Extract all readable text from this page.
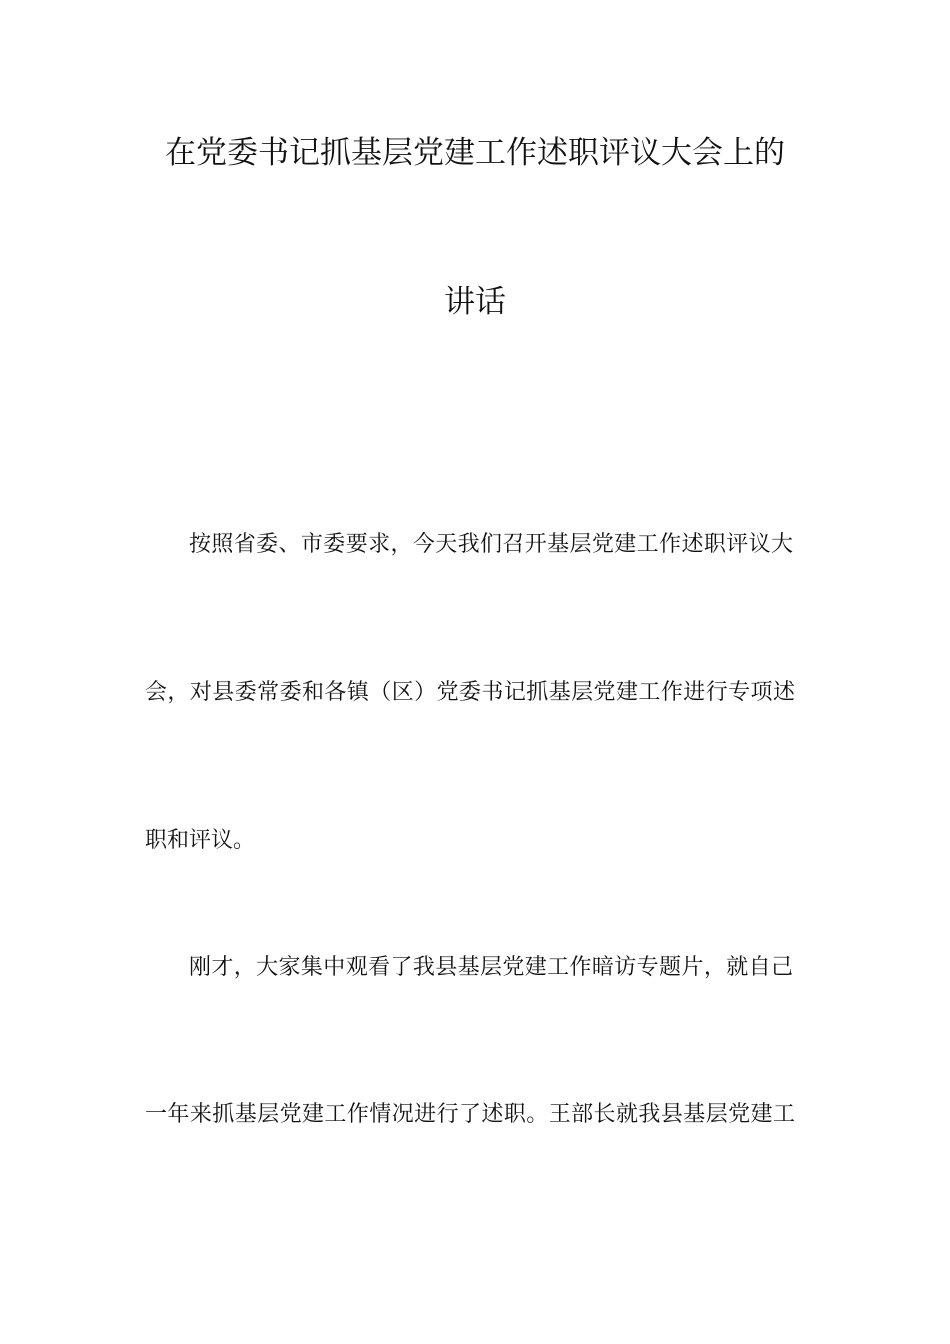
在党委书记抓基层党建工作述职评议大会上的
讲话
按照省委、市委要求，今天我们召开基层党建工作述职评议大
会，对县委常委和各镇（区）党委书记抓基层党建工作进行专项述
职和评议。
刚才，大家集中观看了我县基层党建工作暗访专题片，就自己
一年来抓基层党建工作情况进行了述职。王部长就我县基层党建工
